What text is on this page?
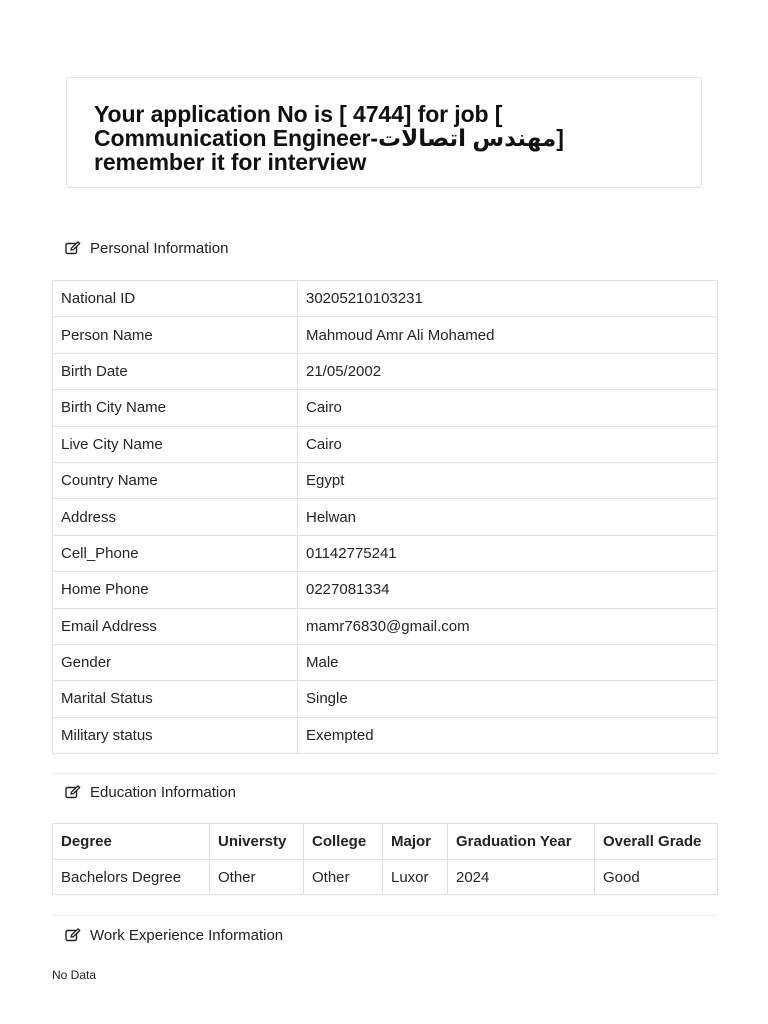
Your application No is [ 4744] for job [ Communication Engineer-مهندس اتصالات] remember it for interview
Personal Information
National ID	30205210103231
Person Name	Mahmoud Amr Ali Mohamed
Birth Date	21/05/2002
Birth City Name	Cairo
Live City Name	Cairo
Country Name	Egypt
Address	Helwan
Cell_Phone	01142775241
Home Phone	0227081334
Email Address	mamr76830@gmail.com
Gender	Male
Marital Status	Single
Military status	Exempted
Education Information
Degree	Universty	College	Major	Graduation Year	Overall Grade
Bachelors Degree	Other	Other	Luxor	2024	Good
Work Experience Information
No Data
